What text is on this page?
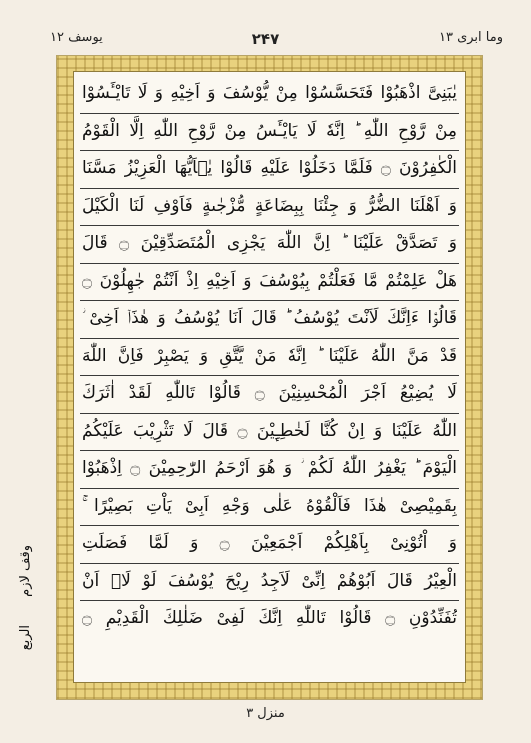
وما ابری ۱۳
۲۴۷
یوسف ۱۲
یٰبَنِیَّ اذْهَبُوْا فَتَحَسَّسُوْا مِنْ یُّوْسُفَ وَ اَخِیْهِ وَ لَا تَایْـَٔسُوْا
مِنْ رَّوْحِ اللّٰهِ ؕ اِنَّهٗ لَا یَایْـَٔسُ مِنْ رَّوْحِ اللّٰهِ اِلَّا الْقَوْمُ
الْكٰفِرُوْنَ ۝ فَلَمَّا دَخَلُوْا عَلَیْهِ قَالُوْا یٰۤاَیُّهَا الْعَزِیْزُ مَسَّنَا
وَ اَهْلَنَا الضُّرُّ وَ جِئْنَا بِبِضَاعَةٍ مُّزْجٰىةٍ فَاَوْفِ لَنَا الْكَیْلَ
وَ تَصَدَّقْ عَلَیْنَا ؕ اِنَّ اللّٰهَ یَجْزِی الْمُتَصَدِّقِیْنَ ۝ قَالَ
هَلْ عَلِمْتُمْ مَّا فَعَلْتُمْ بِیُوْسُفَ وَ اَخِیْهِ اِذْ اَنْتُمْ جٰهِلُوْنَ ۝
قَالُوْۤا ءَاِنَّكَ لَاَنْتَ یُوْسُفُ ؕ قَالَ اَنَا یُوْسُفُ وَ هٰذَاۤ اَخِیْ ؗ
قَدْ مَنَّ اللّٰهُ عَلَیْنَا ؕ اِنَّهٗ مَنْ یَّتَّقِ وَ یَصْبِرْ فَاِنَّ اللّٰهَ
لَا یُضِیْعُ اَجْرَ الْمُحْسِنِیْنَ ۝ قَالُوْا تَاللّٰهِ لَقَدْ اٰثَرَكَ
اللّٰهُ عَلَیْنَا وَ اِنْ كُنَّا لَخٰطِـِٕیْنَ ۝ قَالَ لَا تَثْرِیْبَ عَلَیْكُمُ
الْیَوْمَ ؕ یَغْفِرُ اللّٰهُ لَكُمْ ؗ وَ هُوَ اَرْحَمُ الرّٰحِمِیْنَ ۝ اِذْهَبُوْا
بِقَمِیْصِیْ هٰذَا فَاَلْقُوْهُ عَلٰى وَجْهِ اَبِیْ یَاْتِ بَصِیْرًا ۚ
وَ اْتُوْنِیْ بِاَهْلِكُمْ اَجْمَعِیْنَ ۝ وَ لَمَّا فَصَلَتِ
الْعِیْرُ قَالَ اَبُوْهُمْ اِنِّیْ لَاَجِدُ رِیْحَ یُوْسُفَ لَوْ لَاۤ اَنْ
تُفَنِّدُوْنِ ۝ قَالُوْا تَاللّٰهِ اِنَّكَ لَفِیْ ضَلٰلِكَ الْقَدِیْمِ ۝
وقف لازم
الربع
منزل ۳
